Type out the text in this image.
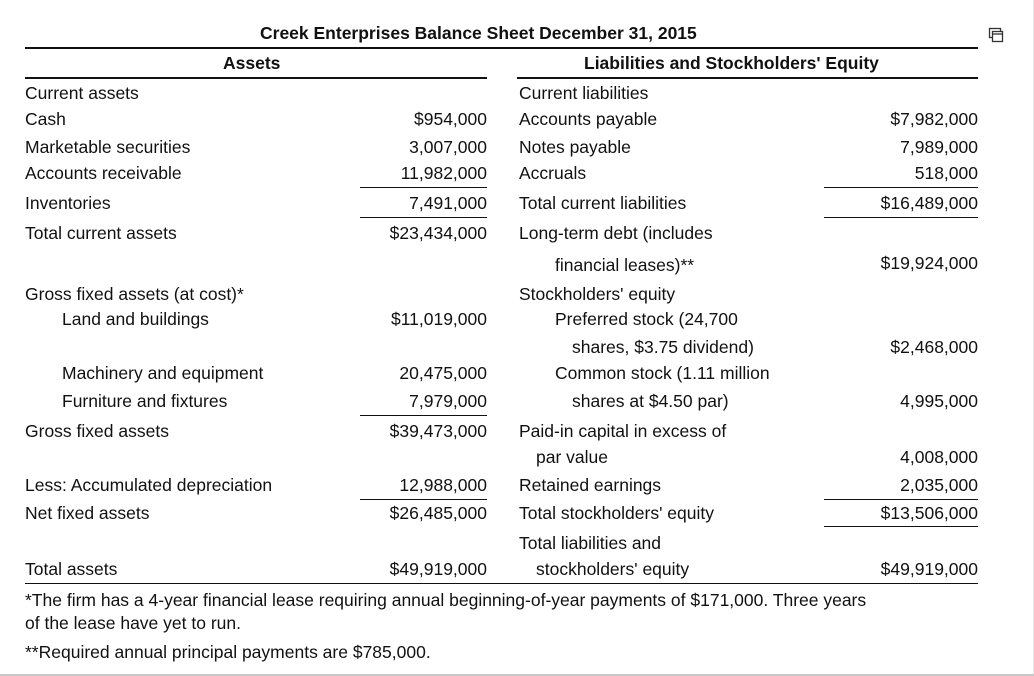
Creek Enterprises Balance Sheet December 31, 2015
Assets	Liabilities and Stockholders' Equity
Current assets
Cash	$954,000
Marketable securities	3,007,000
Accounts receivable	11,982,000
Inventories	7,491,000
Total current assets	$23,434,000
Gross fixed assets (at cost)*
Land and buildings	$11,019,000
Machinery and equipment	20,475,000
Furniture and fixtures	7,979,000
Gross fixed assets	$39,473,000
Less: Accumulated depreciation	12,988,000
Net fixed assets	$26,485,000
Total assets	$49,919,000
Current liabilities
Accounts payable	$7,982,000
Notes payable	7,989,000
Accruals	518,000
Total current liabilities	$16,489,000
Long-term debt (includes
financial leases)**	$19,924,000
Stockholders' equity
Preferred stock (24,700
shares, $3.75 dividend)	$2,468,000
Common stock (1.11 million
shares at $4.50 par)	4,995,000
Paid-in capital in excess of
par value	4,008,000
Retained earnings	2,035,000
Total stockholders' equity	$13,506,000
Total liabilities and
stockholders' equity	$49,919,000
*The firm has a 4-year financial lease requiring annual beginning-of-year payments of $171,000. Three years
of the lease have yet to run.
**Required annual principal payments are $785,000.
